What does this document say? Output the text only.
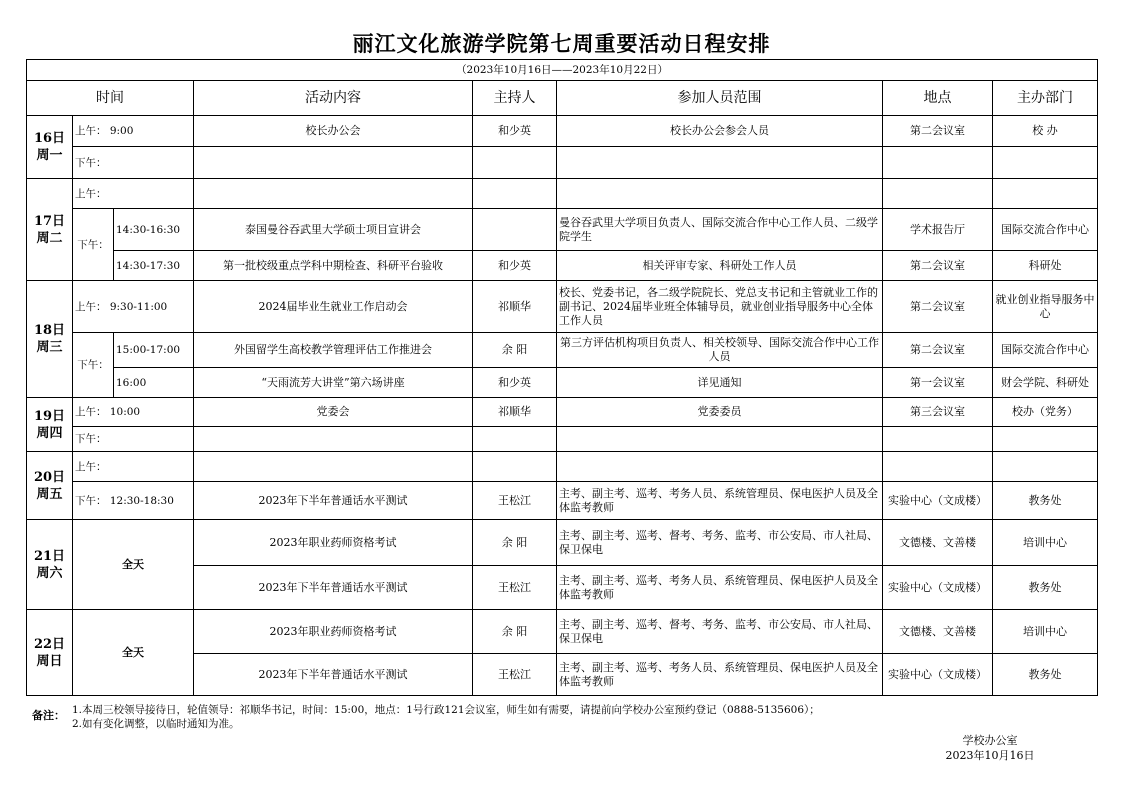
丽江文化旅游学院第七周重要活动日程安排
（2023年10月16日——2023年10月22日）							
时间			活动内容	主持人	参加人员范围	地点	主办部门
16日
周一	上午： 9:00		校长办公会	和少英	校长办公会参会人员	第二会议室	校 办
	下午：						
17日
周二	上午：						
	下午：	14:30-16:30	泰国曼谷吞武里大学硕士项目宣讲会		曼谷吞武里大学项目负责人、国际交流合作中心工作人员、二级学院学生	学术报告厅	国际交流合作中心
		14:30-17:30	第一批校级重点学科中期检查、科研平台验收	和少英	相关评审专家、科研处工作人员	第二会议室	科研处
18日
周三	上午： 9:30-11:00		2024届毕业生就业工作启动会	祁顺华	校长、党委书记，各二级学院院长、党总支书记和主管就业工作的副书记、2024届毕业班全体辅导员，就业创业指导服务中心全体工作人员	第二会议室	就业创业指导服务中心
	下午：	15:00-17:00	外国留学生高校教学管理评估工作推进会	余 阳	第三方评估机构项目负责人、相关校领导、国际交流合作中心工作人员	第二会议室	国际交流合作中心
		16:00	“天雨流芳大讲堂”第六场讲座	和少英	详见通知	第一会议室	财会学院、科研处
19日
周四	上午： 10:00		党委会	祁顺华	党委委员	第三会议室	校办（党务）
	下午：						
20日
周五	上午：						
	下午： 12:30-18:30		2023年下半年普通话水平测试	王松江	主考、副主考、巡考、考务人员、系统管理员、保电医护人员及全体监考教师	实验中心（文成楼）	教务处
21日
周六	全天		2023年职业药师资格考试	余 阳	主考、副主考、巡考、督考、考务、监考、市公安局、市人社局、保卫保电	文德楼、文善楼	培训中心
			2023年下半年普通话水平测试	王松江	主考、副主考、巡考、考务人员、系统管理员、保电医护人员及全体监考教师	实验中心（文成楼）	教务处
22日
周日	全天		2023年职业药师资格考试	余 阳	主考、副主考、巡考、督考、考务、监考、市公安局、市人社局、保卫保电	文德楼、文善楼	培训中心
			2023年下半年普通话水平测试	王松江	主考、副主考、巡考、考务人员、系统管理员、保电医护人员及全体监考教师	实验中心（文成楼）	教务处
备注： 1.本周三校领导接待日，轮值领导：祁顺华书记，时间：15:00，地点：1号行政121会议室，师生如有需要，请提前向学校办公室预约登记（0888-5135606）；
2.如有变化调整，以临时通知为准。
学校办公室
2023年10月16日
